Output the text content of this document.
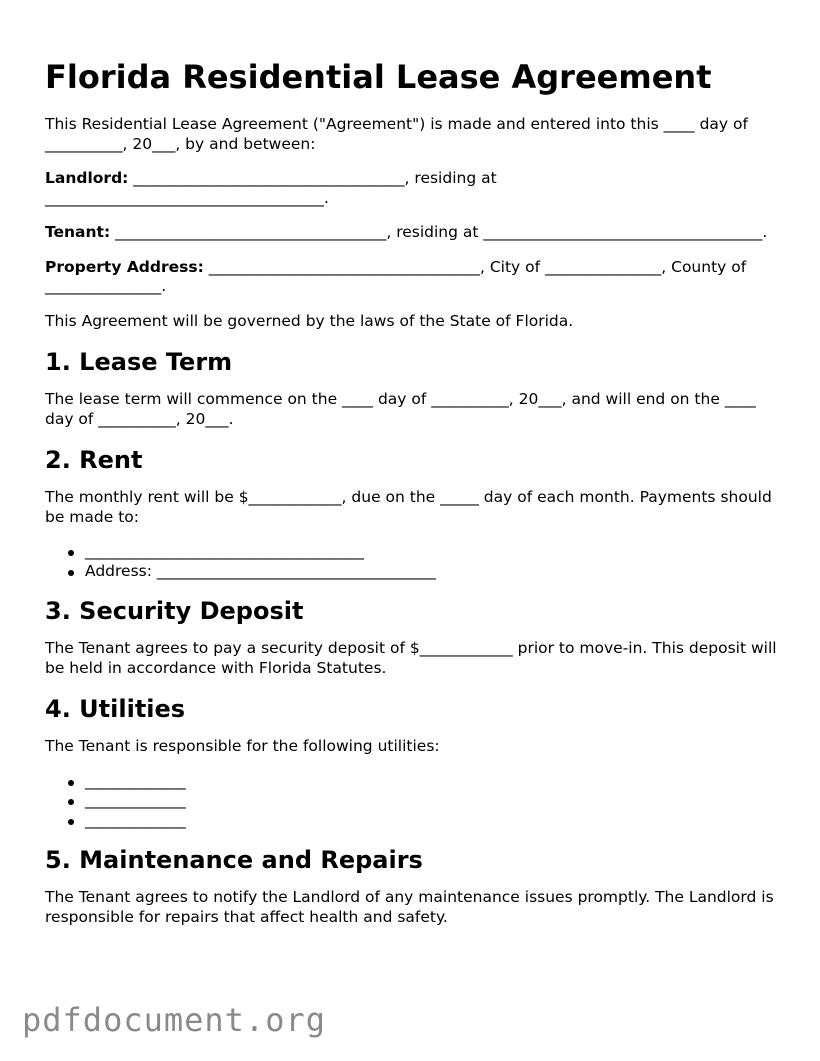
Florida Residential Lease Agreement

This Residential Lease Agreement ("Agreement") is made and entered into this ____ day of __________, 20___, by and between:

Landlord: ___________________________________, residing at ____________________________________.

Tenant: ___________________________________, residing at ____________________________________.

Property Address: ___________________________________, City of _______________, County of _______________.

This Agreement will be governed by the laws of the State of Florida.

1. Lease Term

The lease term will commence on the ____ day of __________, 20___, and will end on the ____ day of __________, 20___.

2. Rent

The monthly rent will be $____________, due on the _____ day of each month. Payments should be made to:

____________________________________
Address: ____________________________________
3. Security Deposit

The Tenant agrees to pay a security deposit of $____________ prior to move-in. This deposit will be held in accordance with Florida Statutes.

4. Utilities

The Tenant is responsible for the following utilities:

_____________
_____________
_____________
5. Maintenance and Repairs

The Tenant agrees to notify the Landlord of any maintenance issues promptly. The Landlord is responsible for repairs that affect health and safety.

pdfdocument.org
